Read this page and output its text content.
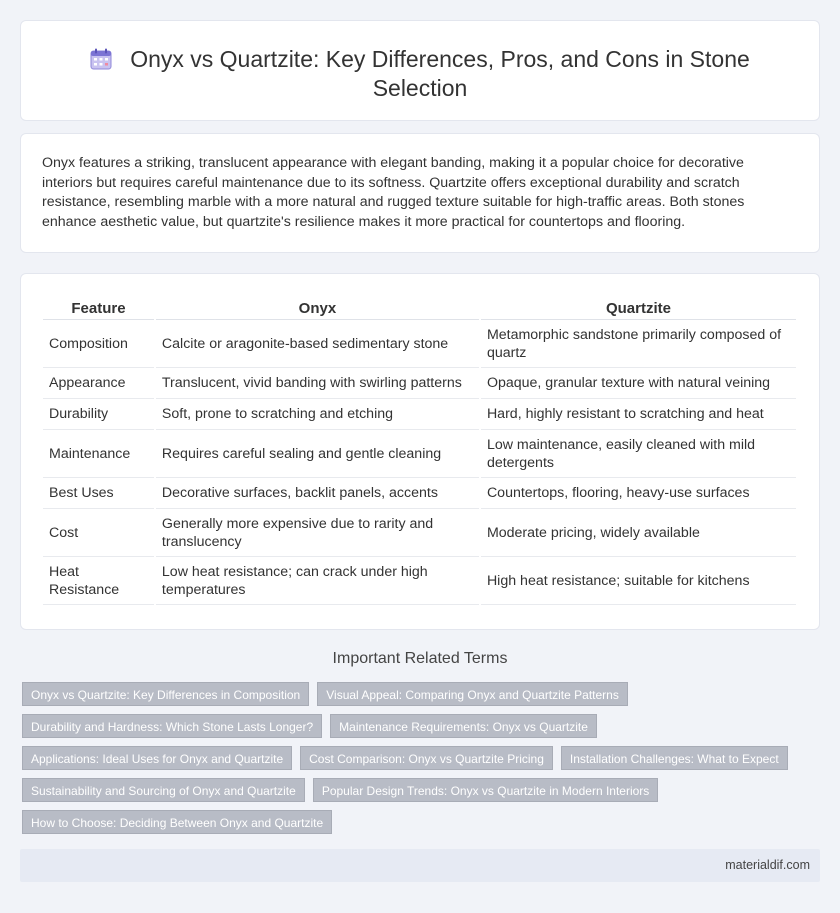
Onyx vs Quartzite: Key Differences, Pros, and Cons in Stone Selection

Onyx features a striking, translucent appearance with elegant banding, making it a popular choice for decorative interiors but requires careful maintenance due to its softness. Quartzite offers exceptional durability and scratch resistance, resembling marble with a more natural and rugged texture suitable for high-traffic areas. Both stones enhance aesthetic value, but quartzite's resilience makes it more practical for countertops and flooring.

Feature	Onyx	Quartzite
Composition	Calcite or aragonite-based sedimentary stone	Metamorphic sandstone primarily composed of quartz
Appearance	Translucent, vivid banding with swirling patterns	Opaque, granular texture with natural veining
Durability	Soft, prone to scratching and etching	Hard, highly resistant to scratching and heat
Maintenance	Requires careful sealing and gentle cleaning	Low maintenance, easily cleaned with mild detergents
Best Uses	Decorative surfaces, backlit panels, accents	Countertops, flooring, heavy-use surfaces
Cost	Generally more expensive due to rarity and translucency	Moderate pricing, widely available
Heat Resistance	Low heat resistance; can crack under high temperatures	High heat resistance; suitable for kitchens
Important Related Terms
Onyx vs Quartzite: Key Differences in Composition	Visual Appeal: Comparing Onyx and Quartzite Patterns
Durability and Hardness: Which Stone Lasts Longer?	Maintenance Requirements: Onyx vs Quartzite
Applications: Ideal Uses for Onyx and Quartzite	Cost Comparison: Onyx vs Quartzite Pricing	Installation Challenges: What to Expect
Sustainability and Sourcing of Onyx and Quartzite	Popular Design Trends: Onyx vs Quartzite in Modern Interiors
How to Choose: Deciding Between Onyx and Quartzite
materialdif.com
